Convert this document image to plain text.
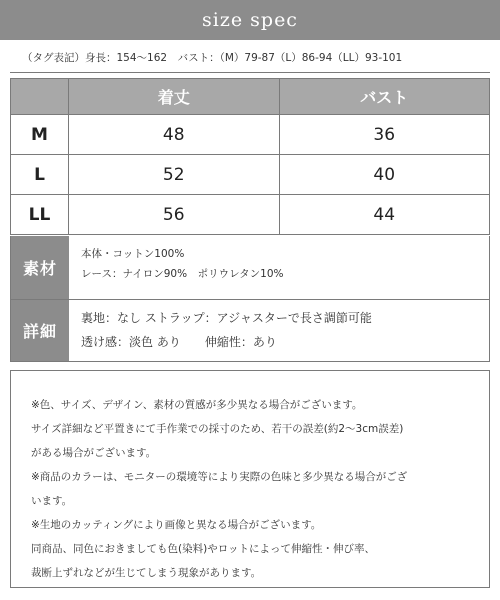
size spec
（タグ表記）身長：154〜162　バスト：（M）79-87（L）86-94（LL）93-101
	着丈	バスト
M	48	36
L	52	40
LL	56	44
素材
本体・コットン100%
レース：ナイロン90%　ポリウレタン10%
詳細
裏地：なし ストラップ：アジャスターで長さ調節可能
透け感：淡色 あり　　伸縮性：あり
※色、サイズ、デザイン、素材の質感が多少異なる場合がございます。
サイズ詳細など平置きにて手作業での採寸のため、若干の誤差(約2〜3cm誤差)
がある場合がございます。
※商品のカラーは、モニターの環境等により実際の色味と多少異なる場合がござ
います。
※生地のカッティングにより画像と異なる場合がございます。
同商品、同色におきましても色(染料)やロットによって伸縮性・伸び率、
裁断上ずれなどが生じてしまう現象があります。
